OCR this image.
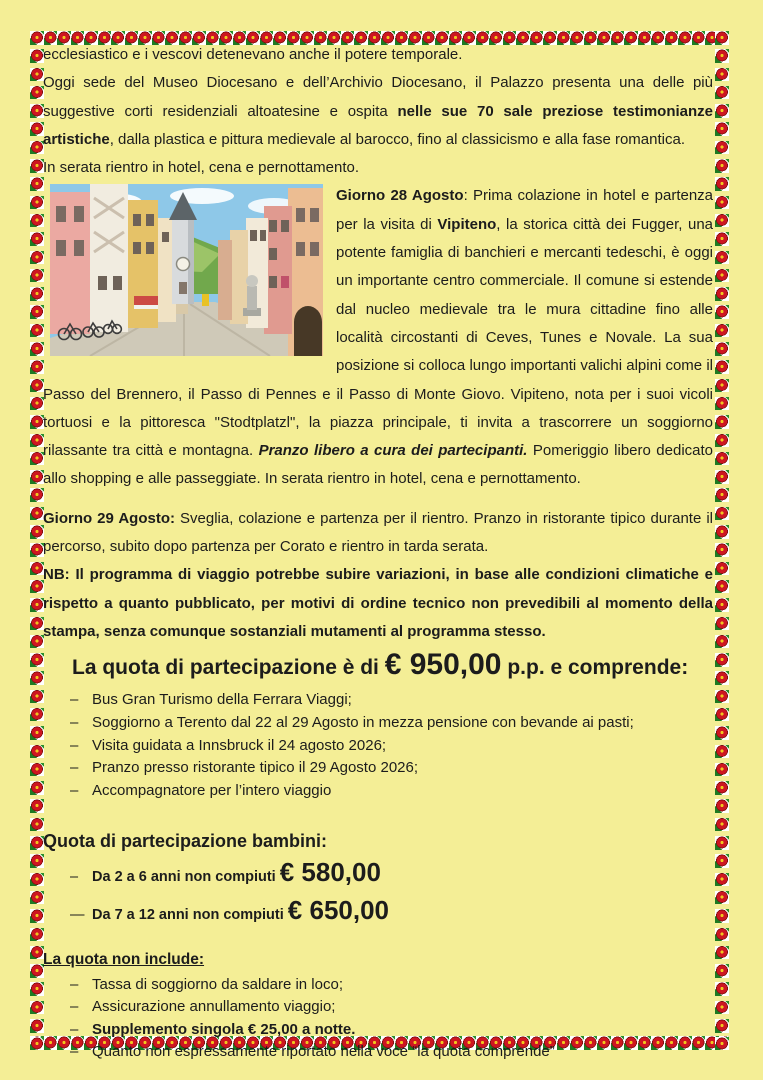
ecclesiastico e i vescovi detenevano anche il potere temporale.

Oggi sede del Museo Diocesano e dell’Archivio Diocesano, il Palazzo presenta una delle più suggestive corti residenziali altoatesine e ospita nelle sue 70 sale preziose testimonianze artistiche, dalla plastica e pittura medievale al barocco, fino al classicismo e alla fase romantica.

In serata rientro in hotel, cena e pernottamento.

Giorno 28 Agosto: Prima colazione in hotel e partenza per la visita di Vipiteno, la storica città dei Fugger, una potente famiglia di banchieri e mercanti tedeschi, è oggi un importante centro commerciale. Il comune si estende dal nucleo medievale tra le mura cittadine fino alle località circostanti di Ceves, Tunes e Novale. La sua posizione si colloca lungo importanti valichi alpini come il Passo del Brennero, il Passo di Pennes e il Passo di Monte Giovo. Vipiteno, nota per i suoi vicoli tortuosi e la pittoresca "Stodtplatzl", la piazza principale, ti invita a trascorrere un soggiorno rilassante tra città e montagna. Pranzo libero a cura dei partecipanti. Pomeriggio libero dedicato allo shopping e alle passeggiate. In serata rientro in hotel, cena e pernottamento.

Giorno 29 Agosto: Sveglia, colazione e partenza per il rientro. Pranzo in ristorante tipico durante il percorso, subito dopo partenza per Corato e rientro in tarda serata.

NB: Il programma di viaggio potrebbe subire variazioni, in base alle condizioni climatiche e rispetto a quanto pubblicato, per motivi di ordine tecnico non prevedibili al momento della stampa, senza comunque sostanziali mutamenti al programma stesso.

La quota di partecipazione è di € 950,00 p.p. e comprende:

– Bus Gran Turismo della Ferrara Viaggi;
– Soggiorno a Terento dal 22 al 29 Agosto in mezza pensione con bevande ai pasti;
– Visita guidata a Innsbruck il 24 agosto 2026;
– Pranzo presso ristorante tipico il 29 Agosto 2026;
– Accompagnatore per l’intero viaggio

Quota di partecipazione bambini:

– Da 2 a 6 anni non compiuti € 580,00
— Da 7 a 12 anni non compiuti € 650,00

La quota non include:

– Tassa di soggiorno da saldare in loco;
– Assicurazione annullamento viaggio;
– Supplemento singola € 25,00 a notte.
– Quanto non espressamente riportato nella voce “la quota comprende”
